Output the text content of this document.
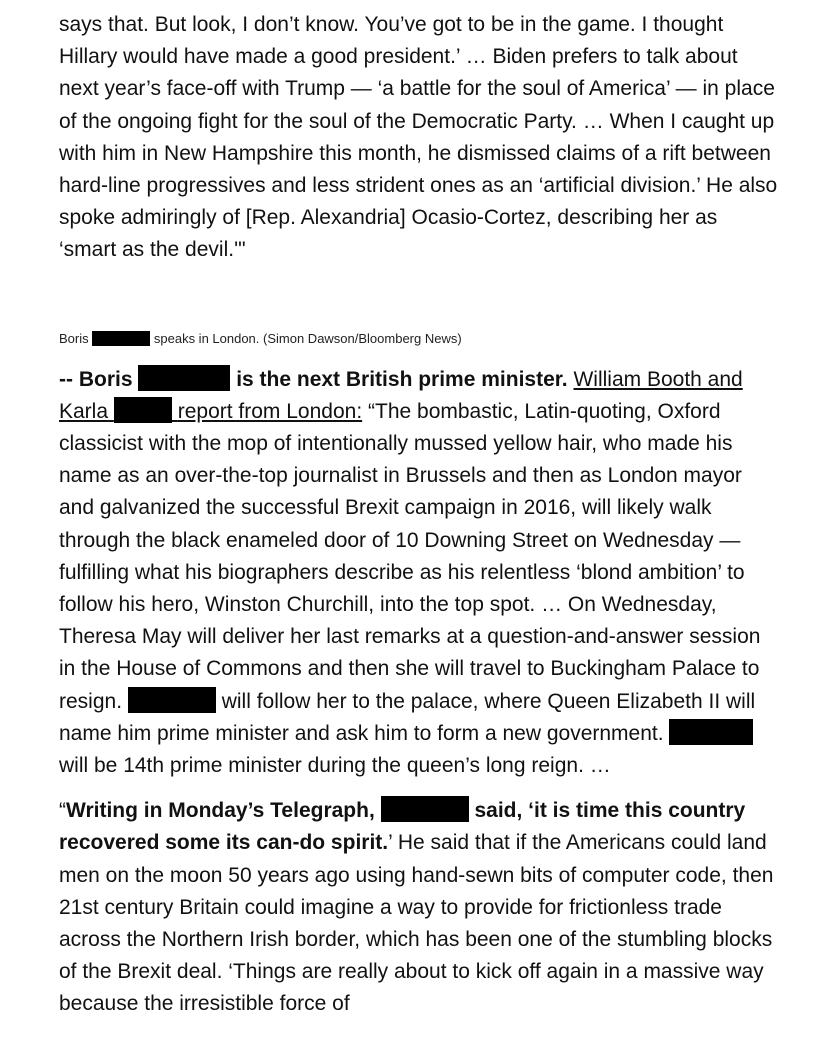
says that. But look, I don’t know. You’ve got to be in the game. I thought Hillary would have made a good president.’ … Biden prefers to talk about next year’s face-off with Trump — ‘a battle for the soul of America’ — in place of the ongoing fight for the soul of the Democratic Party. … When I caught up with him in New Hampshire this month, he dismissed claims of a rift between hard-line progressives and less strident ones as an ‘artificial division.’ He also spoke admiringly of [Rep. Alexandria] Ocasio-Cortez, describing her as ‘smart as the devil.'"

Boris	speaks in London. (Simon Dawson/Bloomberg News)

-- Boris	is the next British prime minister. William Booth and Karla	report from London: “The bombastic, Latin-quoting, Oxford classicist with the mop of intentionally mussed yellow hair, who made his name as an over-the-top journalist in Brussels and then as London mayor and galvanized the successful Brexit campaign in 2016, will likely walk through the black enameled door of 10 Downing Street on Wednesday — fulfilling what his biographers describe as his relentless ‘blond ambition’ to follow his hero, Winston Churchill, into the top spot. … On Wednesday, Theresa May will deliver her last remarks at a question-and-answer session in the House of Commons and then she will travel to Buckingham Palace to resign.	will follow her to the palace, where Queen Elizabeth II will name him prime minister and ask him to form a new government.  will be 14th prime minister during the queen’s long reign. …

“Writing in Monday’s Telegraph,	said, ‘it is time this country recovered some its can-do spirit.’ He said that if the Americans could land men on the moon 50 years ago using hand-sewn bits of computer code, then 21st century Britain could imagine a way to provide for frictionless trade across the Northern Irish border, which has been one of the stumbling blocks of the Brexit deal. ‘Things are really about to kick off again in a massive way because the irresistible force of
